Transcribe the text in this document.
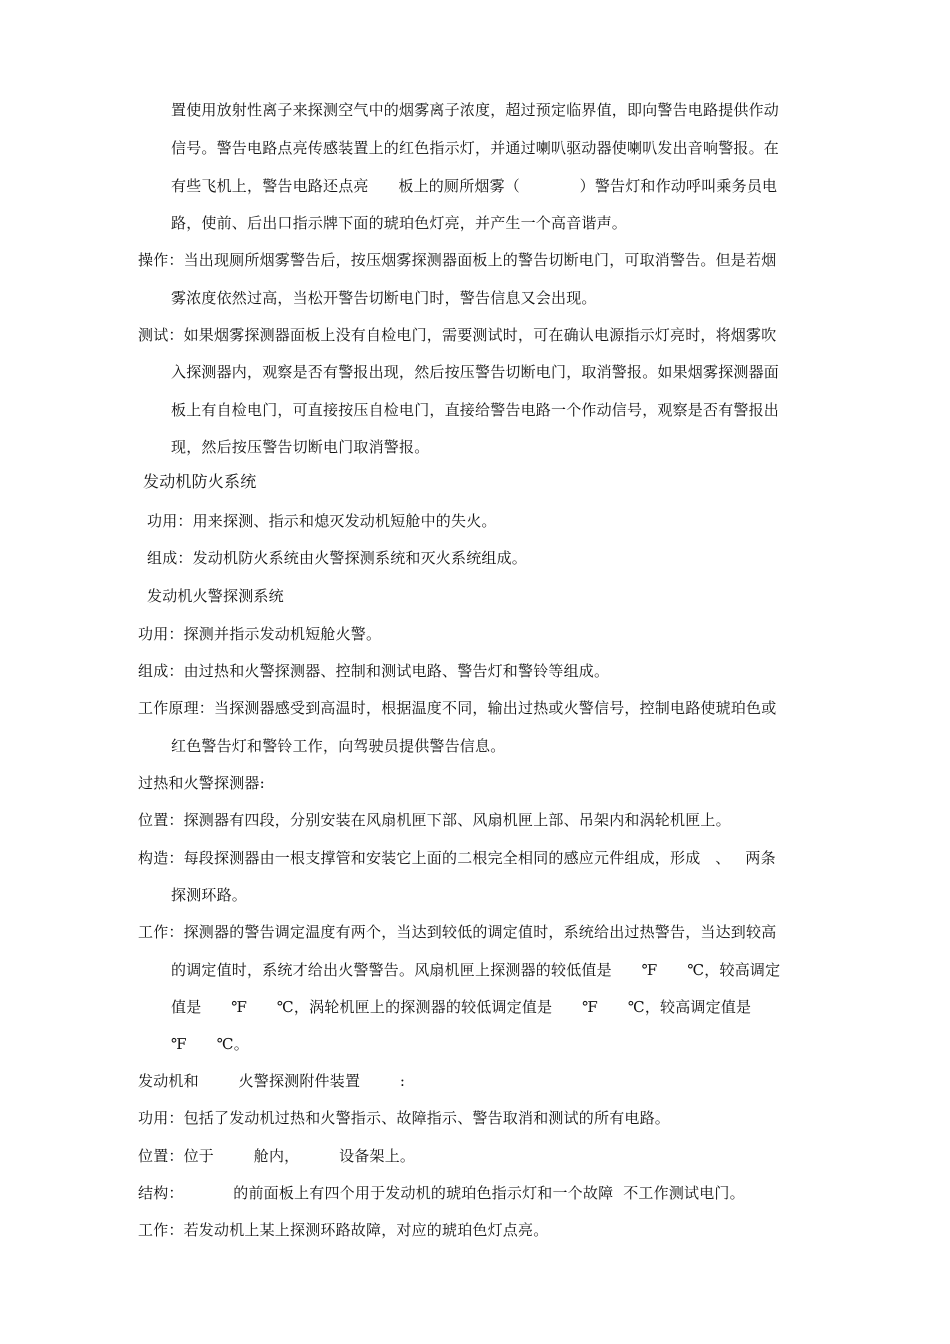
置使用放射性离子来探测空气中的烟雾离子浓度，超过预定临界值，即向警告电路提供作动
信号。警告电路点亮传感装置上的红色指示灯，并通过喇叭驱动器使喇叭发出音响警报。在
有些飞机上，警告电路还点亮      板上的厕所烟雾（            ）警告灯和作动呼叫乘务员电
路，使前、后出口指示牌下面的琥珀色灯亮，并产生一个高音谐声。
操作：当出现厕所烟雾警告后，按压烟雾探测器面板上的警告切断电门，可取消警告。但是若烟
雾浓度依然过高，当松开警告切断电门时，警告信息又会出现。
测试：如果烟雾探测器面板上没有自检电门，需要测试时，可在确认电源指示灯亮时，将烟雾吹
入探测器内，观察是否有警报出现，然后按压警告切断电门，取消警报。如果烟雾探测器面
板上有自检电门，可直接按压自检电门，直接给警告电路一个作动信号，观察是否有警报出
现，然后按压警告切断电门取消警报。
发动机防火系统
功用：用来探测、指示和熄灭发动机短舱中的失火。
组成：发动机防火系统由火警探测系统和灭火系统组成。
发动机火警探测系统
功用：探测并指示发动机短舱火警。
组成：由过热和火警探测器、控制和测试电路、警告灯和警铃等组成。
工作原理：当探测器感受到高温时，根据温度不同，输出过热或火警信号，控制电路使琥珀色或
红色警告灯和警铃工作，向驾驶员提供警告信息。
过热和火警探测器:
位置：探测器有四段，分别安装在风扇机匣下部、风扇机匣上部、吊架内和涡轮机匣上。
构造：每段探测器由一根支撑管和安装它上面的二根完全相同的感应元件组成，形成   、   两条
探测环路。
工作：探测器的警告调定温度有两个，当达到较低的调定值时，系统给出过热警告，当达到较高
的调定值时，系统才给出火警警告。风扇机匣上探测器的较低值是      ℉      ℃，较高调定
值是      ℉      ℃，涡轮机匣上的探测器的较低调定值是      ℉      ℃，较高调定值是
℉      ℃。
发动机和        火警探测附件装置        :
功用：包括了发动机过热和火警指示、故障指示、警告取消和测试的所有电路。
位置：位于        舱内，        设备架上。
结构：          的前面板上有四个用于发动机的琥珀色指示灯和一个故障  不工作测试电门。
工作：若发动机上某上探测环路故障，对应的琥珀色灯点亮。
